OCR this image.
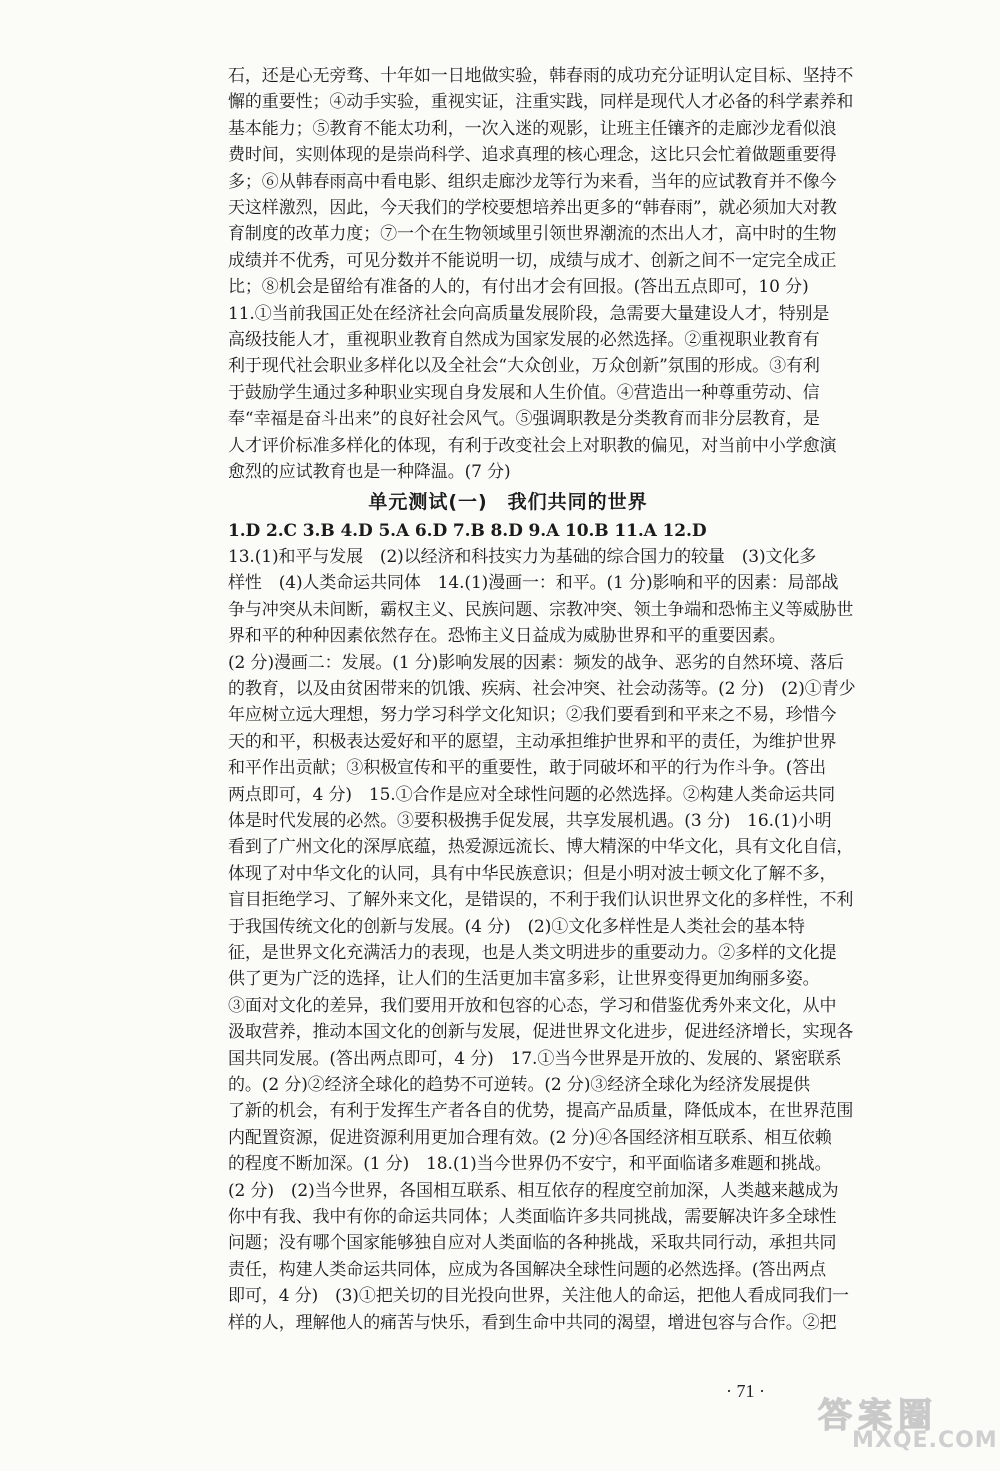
石，还是心无旁骛、十年如一日地做实验，韩春雨的成功充分证明认定目标、坚持不
懈的重要性；④动手实验，重视实证，注重实践，同样是现代人才必备的科学素养和
基本能力；⑤教育不能太功利，一次入迷的观影，让班主任镶齐的走廊沙龙看似浪
费时间，实则体现的是崇尚科学、追求真理的核心理念，这比只会忙着做题重要得
多；⑥从韩春雨高中看电影、组织走廊沙龙等行为来看，当年的应试教育并不像今
天这样激烈，因此，今天我们的学校要想培养出更多的“韩春雨”，就必须加大对教
育制度的改革力度；⑦一个在生物领域里引领世界潮流的杰出人才，高中时的生物
成绩并不优秀，可见分数并不能说明一切，成绩与成才、创新之间不一定完全成正
比；⑧机会是留给有准备的人的，有付出才会有回报。(答出五点即可，10 分)
11.①当前我国正处在经济社会向高质量发展阶段，急需要大量建设人才，特别是
高级技能人才，重视职业教育自然成为国家发展的必然选择。②重视职业教育有
利于现代社会职业多样化以及全社会“大众创业，万众创新”氛围的形成。③有利
于鼓励学生通过多种职业实现自身发展和人生价值。④营造出一种尊重劳动、信
奉“幸福是奋斗出来”的良好社会风气。⑤强调职教是分类教育而非分层教育，是
人才评价标准多样化的体现，有利于改变社会上对职教的偏见，对当前中小学愈演
愈烈的应试教育也是一种降温。(7 分)
单元测试(一)　我们共同的世界
1.D 2.C 3.B 4.D 5.A 6.D 7.B 8.D 9.A 10.B 11.A 12.D
13.(1)和平与发展　(2)以经济和科技实力为基础的综合国力的较量　(3)文化多
样性　(4)人类命运共同体　14.(1)漫画一：和平。(1 分)影响和平的因素：局部战
争与冲突从未间断，霸权主义、民族问题、宗教冲突、领土争端和恐怖主义等威胁世
界和平的种种因素依然存在。恐怖主义日益成为威胁世界和平的重要因素。
(2 分)漫画二：发展。(1 分)影响发展的因素：频发的战争、恶劣的自然环境、落后
的教育，以及由贫困带来的饥饿、疾病、社会冲突、社会动荡等。(2 分)　(2)①青少
年应树立远大理想，努力学习科学文化知识；②我们要看到和平来之不易，珍惜今
天的和平，积极表达爱好和平的愿望，主动承担维护世界和平的责任，为维护世界
和平作出贡献；③积极宣传和平的重要性，敢于同破坏和平的行为作斗争。(答出
两点即可，4 分)　15.①合作是应对全球性问题的必然选择。②构建人类命运共同
体是时代发展的必然。③要积极携手促发展，共享发展机遇。(3 分)　16.(1)小明
看到了广州文化的深厚底蕴，热爱源远流长、博大精深的中华文化，具有文化自信，
体现了对中华文化的认同，具有中华民族意识；但是小明对波士顿文化了解不多，
盲目拒绝学习、了解外来文化，是错误的，不利于我们认识世界文化的多样性，不利
于我国传统文化的创新与发展。(4 分)　(2)①文化多样性是人类社会的基本特
征，是世界文化充满活力的表现，也是人类文明进步的重要动力。②多样的文化提
供了更为广泛的选择，让人们的生活更加丰富多彩，让世界变得更加绚丽多姿。
③面对文化的差异，我们要用开放和包容的心态，学习和借鉴优秀外来文化，从中
汲取营养，推动本国文化的创新与发展，促进世界文化进步，促进经济增长，实现各
国共同发展。(答出两点即可，4 分)　17.①当今世界是开放的、发展的、紧密联系
的。(2 分)②经济全球化的趋势不可逆转。(2 分)③经济全球化为经济发展提供
了新的机会，有利于发挥生产者各自的优势，提高产品质量，降低成本，在世界范围
内配置资源，促进资源利用更加合理有效。(2 分)④各国经济相互联系、相互依赖
的程度不断加深。(1 分)　18.(1)当今世界仍不安宁，和平面临诸多难题和挑战。
(2 分)　(2)当今世界，各国相互联系、相互依存的程度空前加深，人类越来越成为
你中有我、我中有你的命运共同体；人类面临许多共同挑战，需要解决许多全球性
问题；没有哪个国家能够独自应对人类面临的各种挑战，采取共同行动，承担共同
责任，构建人类命运共同体，应成为各国解决全球性问题的必然选择。(答出两点
即可，4 分)　(3)①把关切的目光投向世界，关注他人的命运，把他人看成同我们一
样的人，理解他人的痛苦与快乐，看到生命中共同的渴望，增进包容与合作。②把
· 71 ·
答案圈
MXQE.COM
